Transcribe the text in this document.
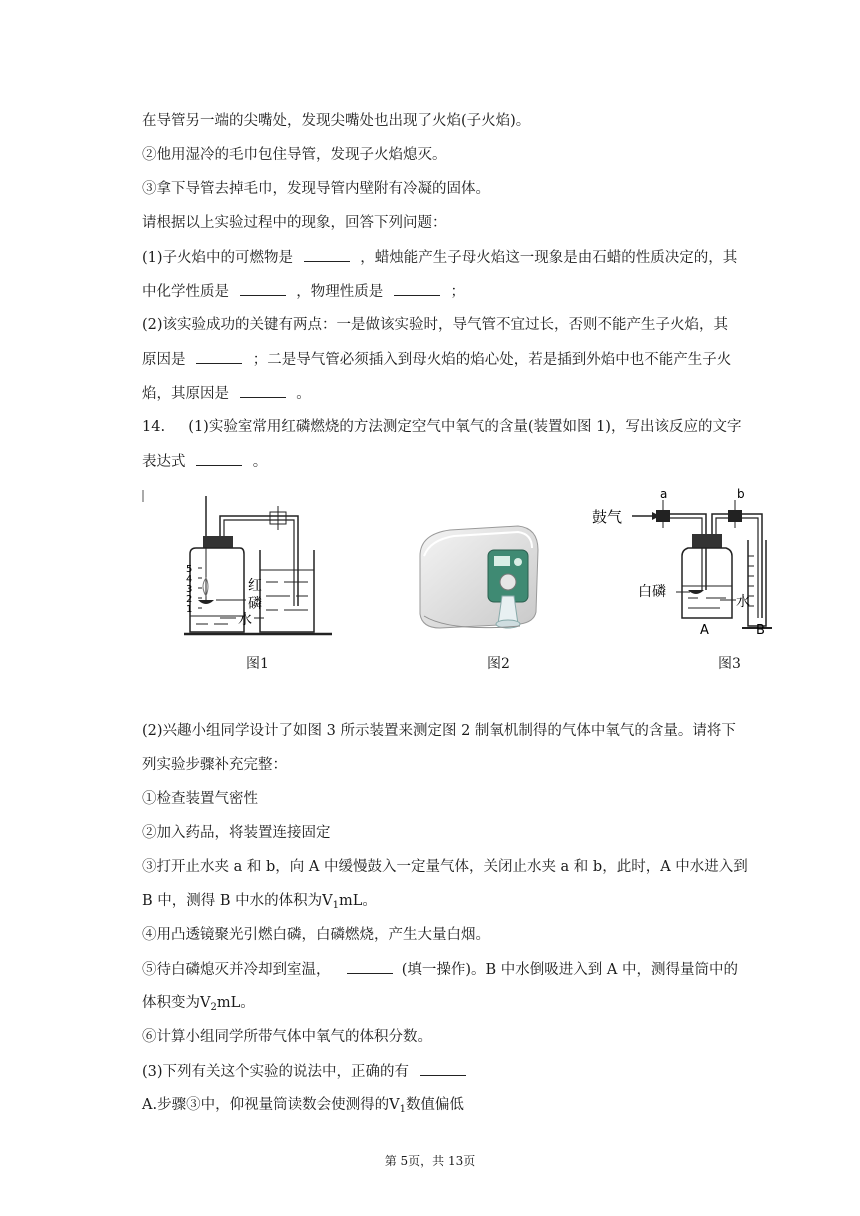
在导管另一端的尖嘴处，发现尖嘴处也出现了火焰(子火焰)。
②他用湿冷的毛巾包住导管，发现子火焰熄灭。
③拿下导管去掉毛巾，发现导管内壁附有冷凝的固体。
请根据以上实验过程中的现象，回答下列问题：
(1)子火焰中的可燃物是	，蜡烛能产生子母火焰这一现象是由石蜡的性质决定的，其
中化学性质是	，物理性质是	；
(2)该实验成功的关键有两点：一是做该实验时，导气管不宜过长，否则不能产生子火焰，其
原因是	；二是导气管必须插入到母火焰的焰心处，若是插到外焰中也不能产生子火
焰，其原因是	。
14. (1)实验室常用红磷燃烧的方法测定空气中氧气的含量(装置如图 1)，写出该反应的文字
表达式	。
5
4
3
2
1
红
磷
水
图1	图2
鼓气
a	b
白磷
水
A	B
图3
(2)兴趣小组同学设计了如图 3 所示装置来测定图 2 制氧机制得的气体中氧气的含量。请将下
列实验步骤补充完整：
①检查装置气密性
②加入药品，将装置连接固定
③打开止水夹 a 和 b，向 A 中缓慢鼓入一定量气体，关闭止水夹 a 和 b，此时，A 中水进入到
B 中，测得 B 中水的体积为$V_1mL$。
④用凸透镜聚光引燃白磷，白磷燃烧，产生大量白烟。
⑤待白磷熄灭并冷却到室温，	(填一操作)。B 中水倒吸进入到 A 中，测得量筒中的
体积变为$V_2mL$。
⑥计算小组同学所带气体中氧气的体积分数。
(3)下列有关这个实验的说法中，正确的有
A.步骤③中，仰视量筒读数会使测得的$V_1$数值偏低
第 5页，共 13页
